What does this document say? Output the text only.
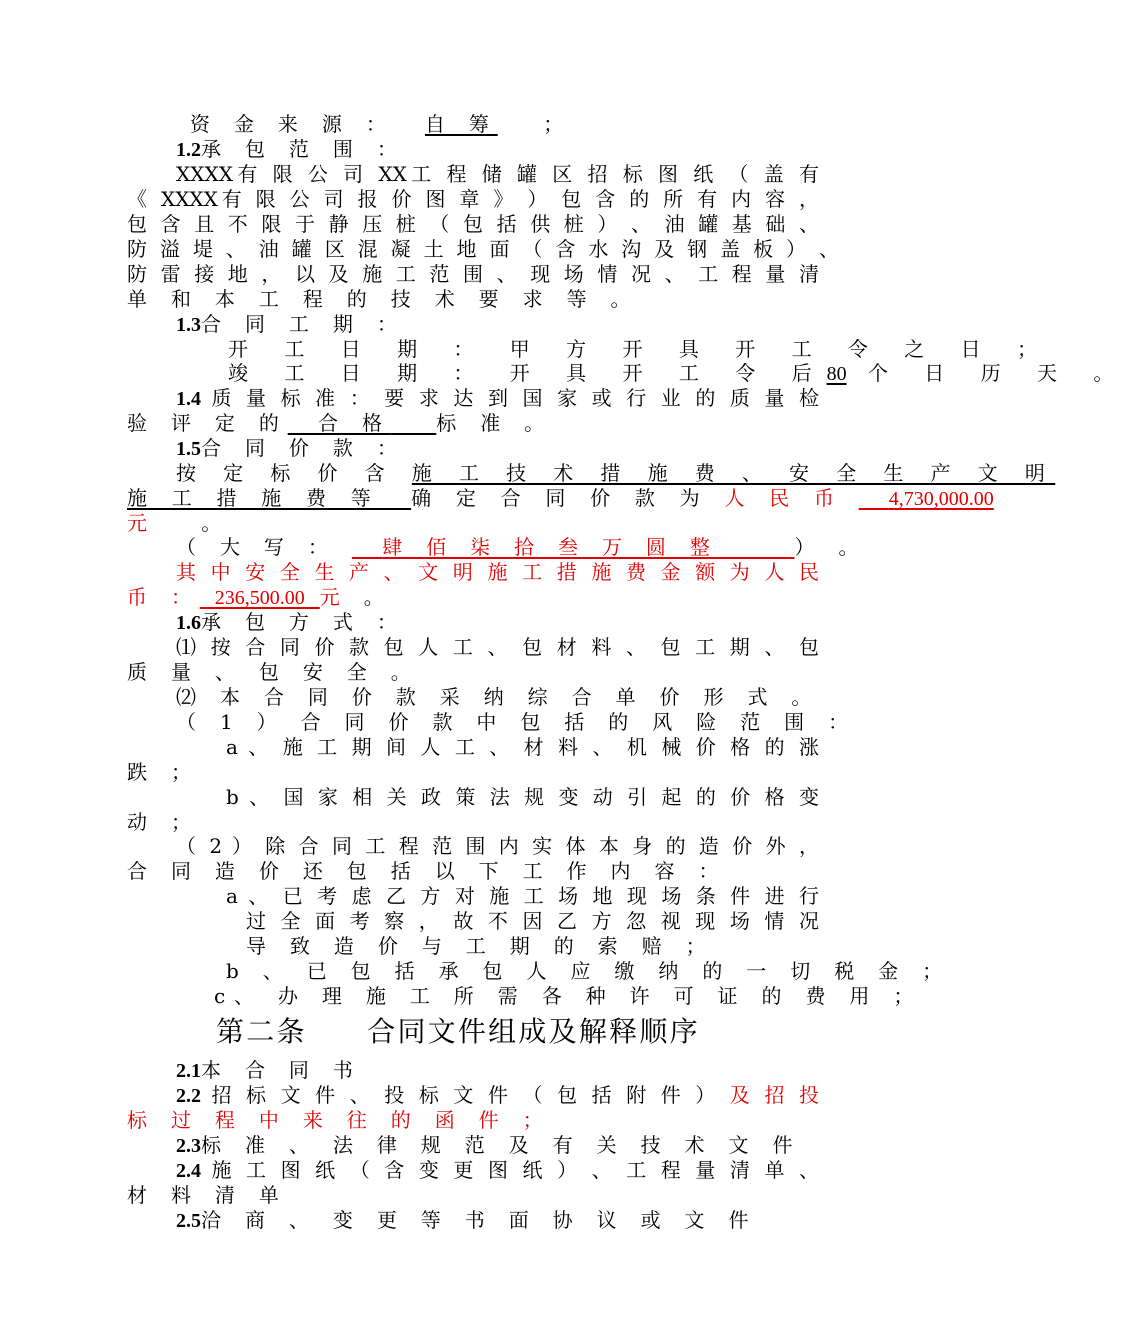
资 金 来 源 ： 自 筹 ；
1.2承 包 范 围 ：
XXXX有 限 公 司 XX工 程 储 罐 区 招 标 图 纸 （ 盖 有
《 XXXX有 限 公 司 报 价 图 章 》 ） 包 含 的 所 有 内 容 ，
包 含 且 不 限 于 静 压 桩 （ 包 括 供 桩 ） 、 油 罐 基 础 、
防 溢 堤 、 油 罐 区 混 凝 土 地 面 （ 含 水 沟 及 钢 盖 板 ） 、
防 雷 接 地 ， 以 及 施 工 范 围 、 现 场 情 况 、 工 程 量 清
单 和 本 工 程 的 技 术 要 求 等 。
1.3合 同 工 期 ：
开 工 日 期 ： 甲 方 开 具 开 工 令 之 日 ；
竣 工 日 期 ： 开 具 开 工 令 后80 个 日 历 天 。
1.4 质 量 标 准 ： 要 求 达 到 国 家 或 行 业 的 质 量 检
验 评 定 的 合 格 标 准 。
1.5合 同 价 款 ：
按 定 标 价 含 施 工 技 术 措 施 费 、 安 全 生 产 文 明
施 工 措 施 费 等 确 定 合 同 价 款 为 人 民 币 4,730,000.00
元 。
（ 大 写 ： 肆 佰 柒 拾 叁 万 圆 整	） 。
其 中 安 全 生 产 、 文 明 施 工 措 施 费 金 额 为 人 民
币 ： 236,500.00 元 。
1.6承 包 方 式 ：
⑴ 按 合 同 价 款 包 人 工 、 包 材 料 、 包 工 期 、 包
质 量 、 包 安 全 。
⑵ 本 合 同 价 款 采 纳 综 合 单 价 形 式 。
（ 1 ） 合 同 价 款 中 包 括 的 风 险 范 围 ：
a 、 施 工 期 间 人 工 、 材 料 、 机 械 价 格 的 涨
跌 ；
b 、 国 家 相 关 政 策 法 规 变 动 引 起 的 价 格 变
动 ；
（ 2 ） 除 合 同 工 程 范 围 内 实 体 本 身 的 造 价 外 ，
合 同 造 价 还 包 括 以 下 工 作 内 容 ：
a 、 已 考 虑 乙 方 对 施 工 场 地 现 场 条 件 进 行
过 全 面 考 察 ， 故 不 因 乙 方 忽 视 现 场 情 况
导 致 造 价 与 工 期 的 索 赔 ；
b 、 已 包 括 承 包 人 应 缴 纳 的 一 切 税 金 ；
c、 办 理 施 工 所 需 各 种 许 可 证 的 费 用 ；
第二条　　合同文件组成及解释顺序
2.1本 合 同 书
2.2 招 标 文 件 、 投 标 文 件 （ 包 括 附 件 ） 及 招 投
标 过 程 中 来 往 的 函 件 ；
2.3标 准 、 法 律 规 范 及 有 关 技 术 文 件
2.4 施 工 图 纸 （ 含 变 更 图 纸 ） 、 工 程 量 清 单 、
材 料 清 单
2.5洽 商 、 变 更 等 书 面 协 议 或 文 件
